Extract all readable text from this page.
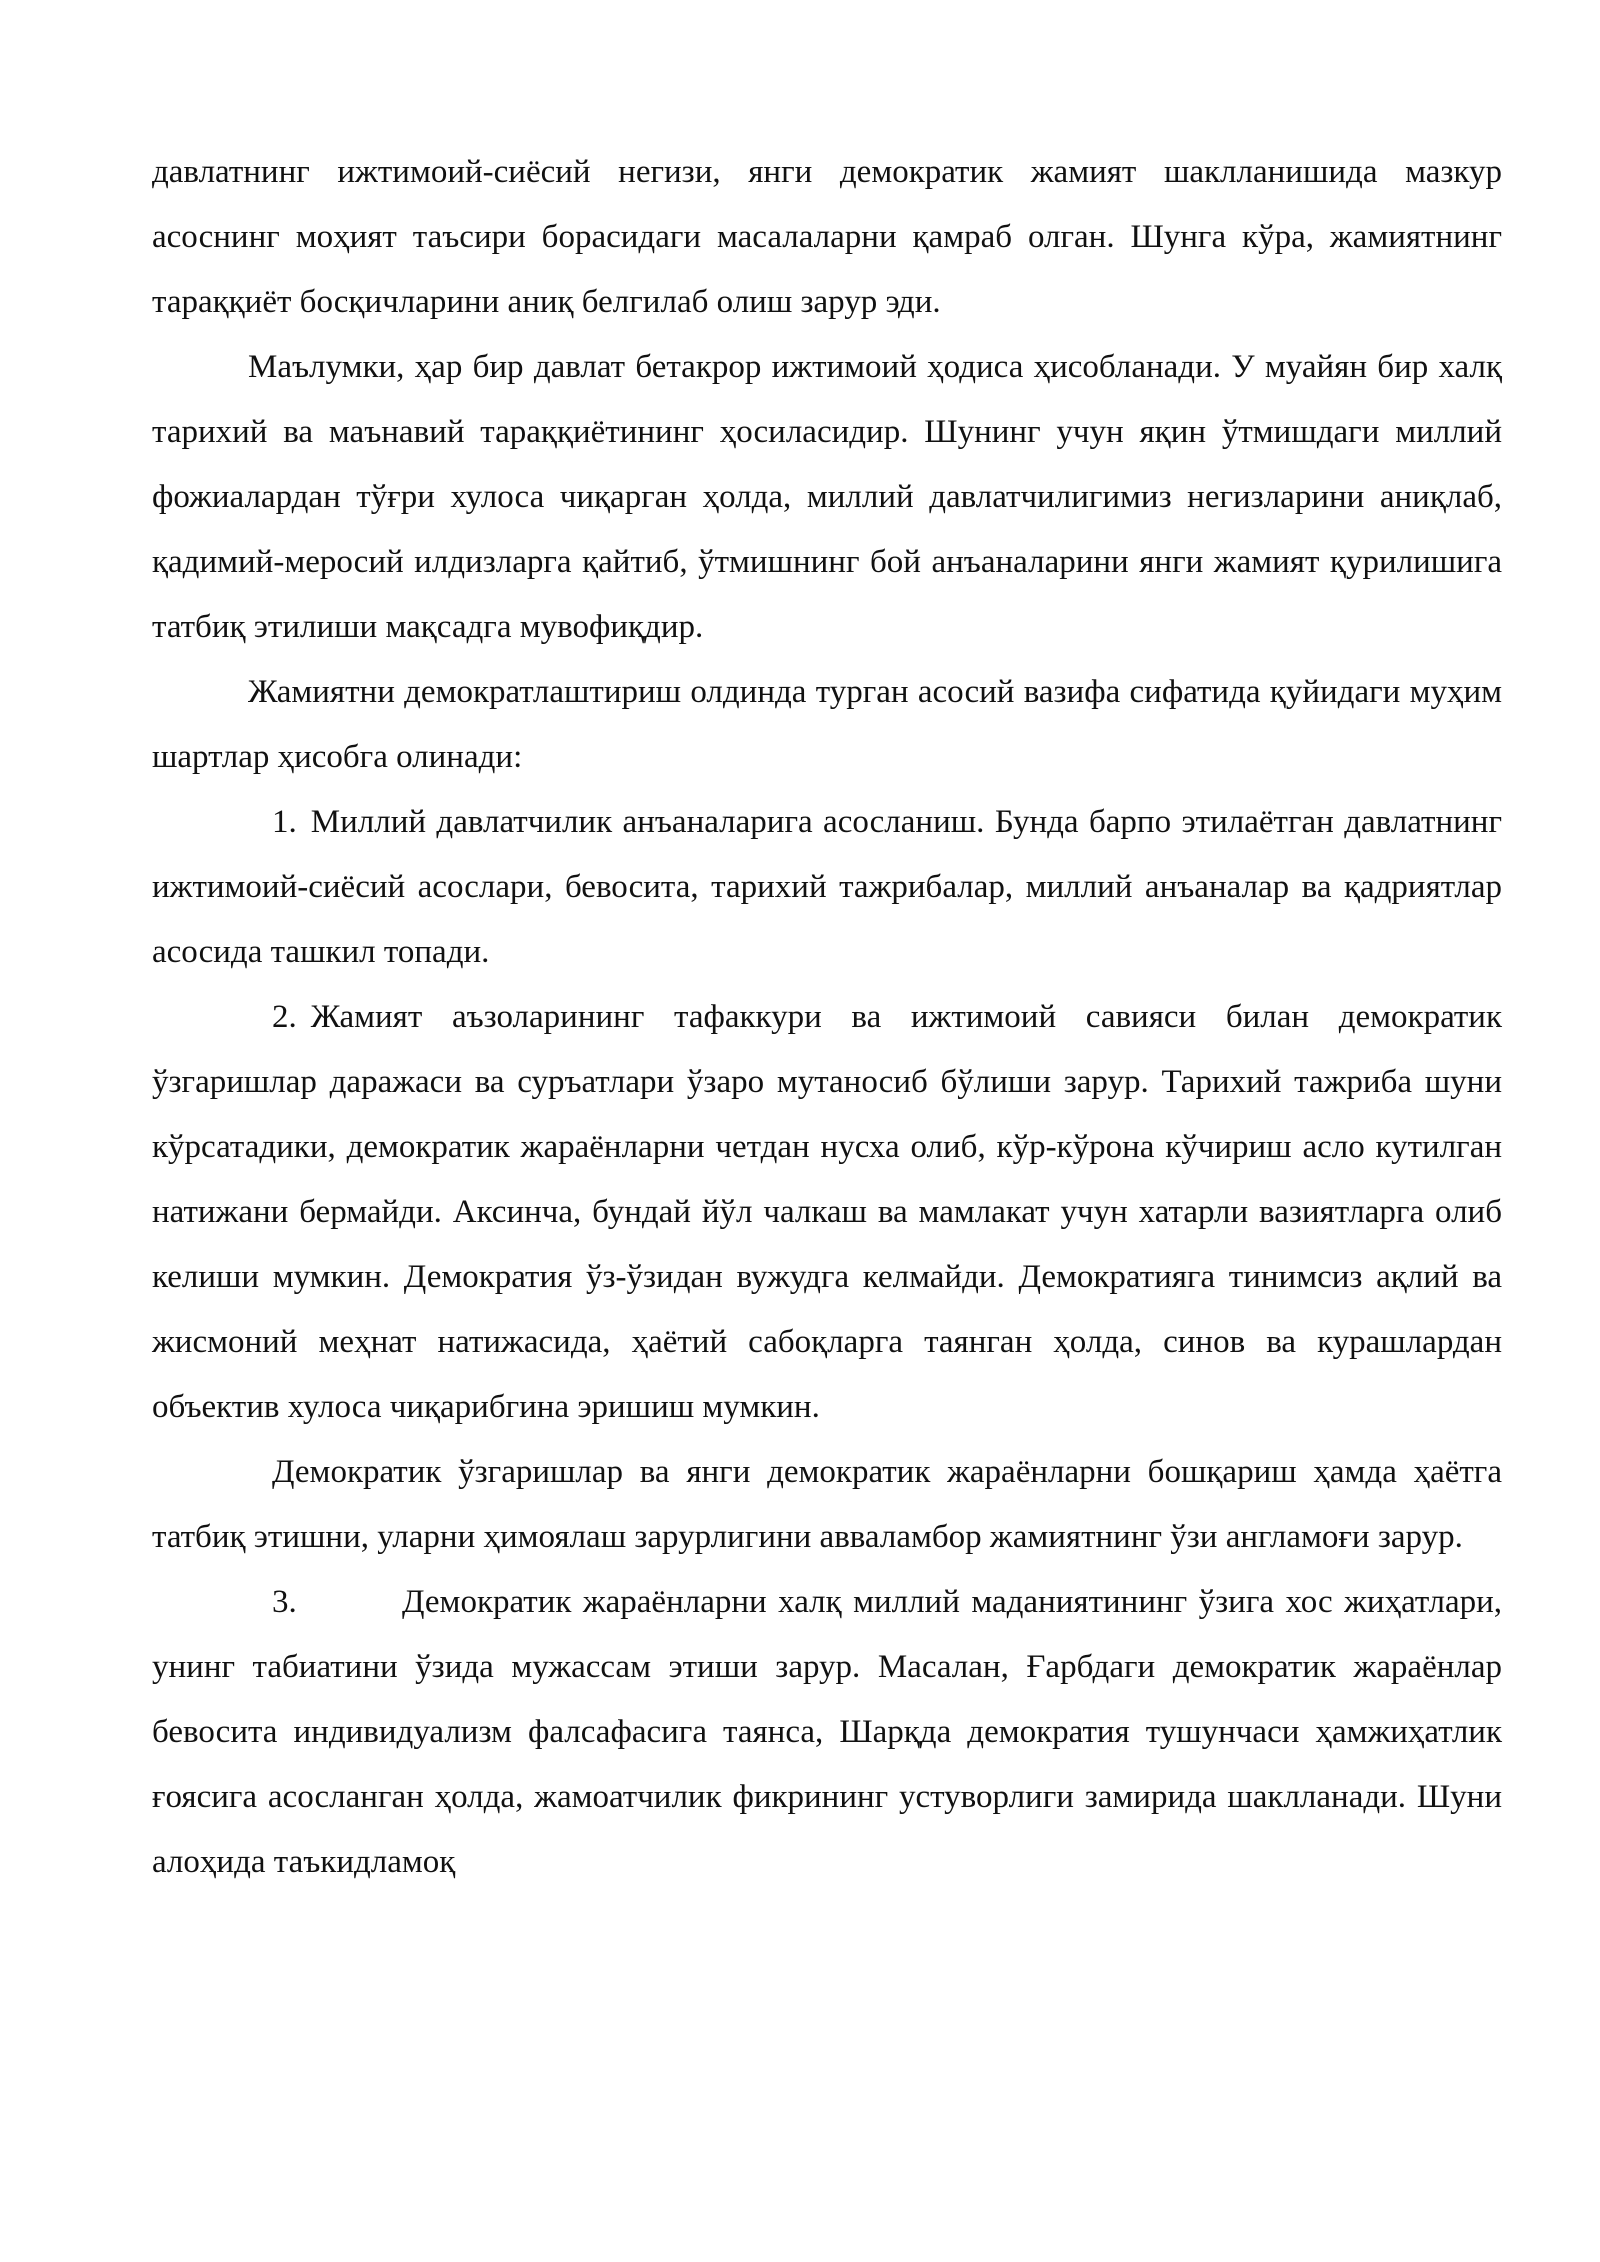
давлатнинг ижтимоий-сиёсий негизи, янги демократик жамият шаклланишида мазкур асоснинг моҳият таъсири борасидаги масалаларни қамраб олган. Шунга кўра, жамиятнинг тараққиёт босқичларини аниқ белгилаб олиш зарур эди.

Маълумки, ҳар бир давлат бетакрор ижтимоий ҳодиса ҳисобланади. У муайян бир халқ тарихий ва маънавий тараққиётининг ҳосиласидир. Шунинг учун яқин ўтмишдаги миллий фожиалардан тўғри хулоса чиқарган ҳолда, миллий давлатчилигимиз негизларини аниқлаб, қадимий-меросий илдизларга қайтиб, ўтмишнинг бой анъаналарини янги жамият қурилишига татбиқ этилиши мақсадга мувофиқдир.

Жамиятни демократлаштириш олдинда турган асосий вазифа сифатида қуйидаги муҳим шартлар ҳисобга олинади:

1. Миллий давлатчилик анъаналарига асосланиш. Бунда барпо этилаётган давлатнинг ижтимоий-сиёсий асослари, бевосита, тарихий тажрибалар, миллий анъаналар ва қадриятлар асосида ташкил топади.

2. Жамият аъзоларининг тафаккури ва ижтимоий савияси билан демократик ўзгаришлар даражаси ва суръатлари ўзаро мутаносиб бўлиши зарур. Тарихий тажриба шуни кўрсатадики, демократик жараёнларни четдан нусха олиб, кўр-кўрона кўчириш асло кутилган натижани бермайди. Аксинча, бундай йўл чалкаш ва мамлакат учун хатарли вазиятларга олиб келиши мумкин. Демократия ўз-ўзидан вужудга келмайди. Демократияга тинимсиз ақлий ва жисмоний меҳнат натижасида, ҳаётий сабоқларга таянган ҳолда, синов ва курашлардан объектив хулоса чиқарибгина эришиш мумкин.

Демократик ўзгаришлар ва янги демократик жараёнларни бошқариш ҳамда ҳаётга татбиқ этишни, уларни ҳимоялаш зарурлигини авваламбор жамиятнинг ўзи англамоғи зарур.

3.	Демократик жараёнларни халқ миллий маданиятининг ўзига хос жиҳатлари, унинг табиатини ўзида мужассам этиши зарур. Масалан, Ғарбдаги демократик жараёнлар бевосита индивидуализм фалсафасига таянса, Шарқда демократия тушунчаси ҳамжиҳатлик ғоясига асосланган ҳолда, жамоатчилик фикрининг устуворлиги замирида шаклланади. Шуни алоҳида таъкидламоқ
